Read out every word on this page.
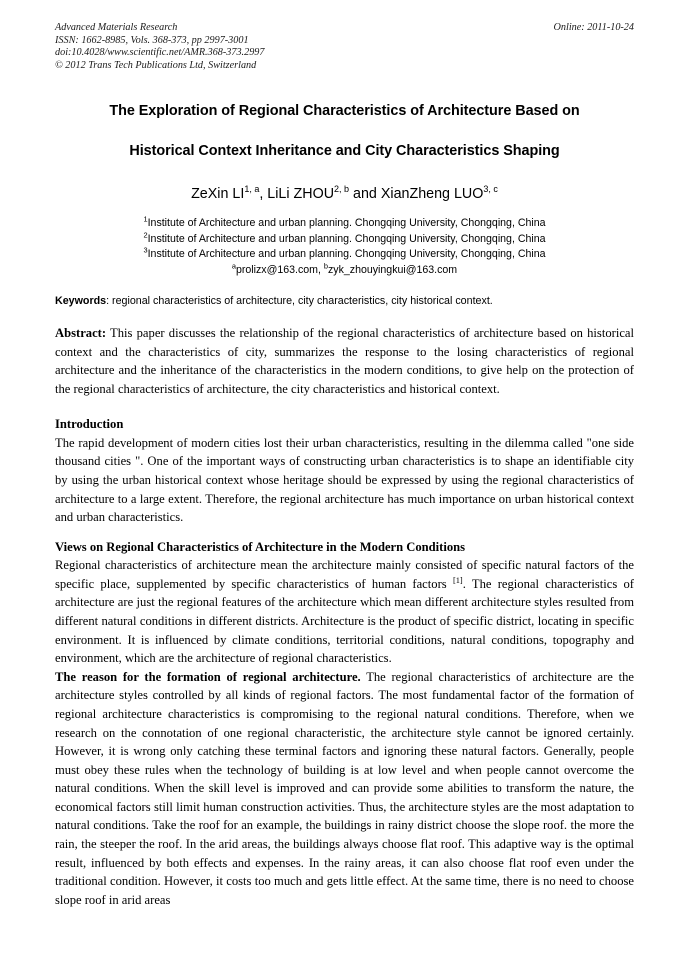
Advanced Materials Research
ISSN: 1662-8985, Vols. 368-373, pp 2997-3001
doi:10.4028/www.scientific.net/AMR.368-373.2997
© 2012 Trans Tech Publications Ltd, Switzerland
Online: 2011-10-24
The Exploration of Regional Characteristics of Architecture Based on
Historical Context Inheritance and City Characteristics Shaping
ZeXin LI$^{1, a}$, LiLi ZHOU$^{2, b}$ and XianZheng LUO$^{3, c}$
$^1$Institute of Architecture and urban planning. Chongqing University, Chongqing, China
$^2$Institute of Architecture and urban planning. Chongqing University, Chongqing, China
$^3$Institute of Architecture and urban planning. Chongqing University, Chongqing, China
$^a$prolizx@163.com, $^b$zyk_zhouyingkui@163.com
Keywords: regional characteristics of architecture, city characteristics, city historical context.
Abstract: This paper discusses the relationship of the regional characteristics of architecture based on historical context and the characteristics of city, summarizes the response to the losing characteristics of regional architecture and the inheritance of the characteristics in the modern conditions, to give help on the protection of the regional characteristics of architecture, the city characteristics and historical context.
Introduction

The rapid development of modern cities lost their urban characteristics, resulting in the dilemma called "one side thousand cities ". One of the important ways of constructing urban characteristics is to shape an identifiable city by using the urban historical context whose heritage should be expressed by using the regional characteristics of architecture to a large extent. Therefore, the regional architecture has much importance on urban historical context and urban characteristics.

Views on Regional Characteristics of Architecture in the Modern Conditions

Regional characteristics of architecture mean the architecture mainly consisted of specific natural factors of the specific place, supplemented by specific characteristics of human factors [1]. The regional characteristics of architecture are just the regional features of the architecture which mean different architecture styles resulted from different natural conditions in different districts. Architecture is the product of specific district, locating in specific environment. It is influenced by climate conditions, territorial conditions, natural conditions, topography and environment, which are the architecture of regional characteristics.

The reason for the formation of regional architecture. The regional characteristics of architecture are the architecture styles controlled by all kinds of regional factors. The most fundamental factor of the formation of regional architecture characteristics is compromising to the regional natural conditions. Therefore, when we research on the connotation of one regional characteristic, the architecture style cannot be ignored certainly. However, it is wrong only catching these terminal factors and ignoring these natural factors. Generally, people must obey these rules when the technology of building is at low level and when people cannot overcome the natural conditions. When the skill level is improved and can provide some abilities to transform the nature, the economical factors still limit human construction activities. Thus, the architecture styles are the most adaptation to natural conditions. Take the roof for an example, the buildings in rainy district choose the slope roof. the more the rain, the steeper the roof. In the arid areas, the buildings always choose flat roof. This adaptive way is the optimal result, influenced by both effects and expenses. In the rainy areas, it can also choose flat roof even under the traditional condition. However, it costs too much and gets little effect. At the same time, there is no need to choose slope roof in arid areas
